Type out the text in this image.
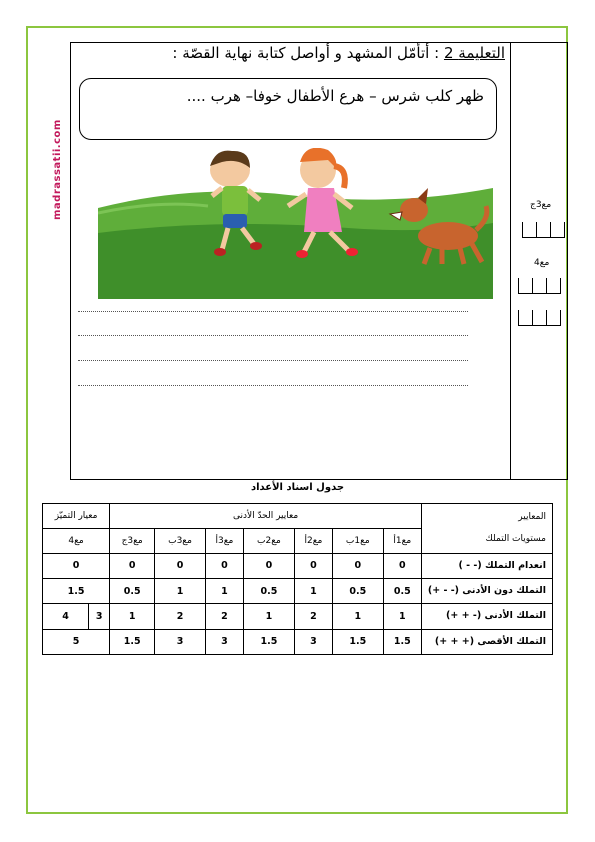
madrassatii.com
التعليمة 2 : أتأمّل المشهد و أواصل كتابة نهاية القصّة :
ظهر كلب شرس – هرع الأطفال خوفا– هرب ....
مع3ج
مع4
جدول اسناد الأعداد
المعايير
مستويات التملك	معايير الحدّ الأدنى							معيار التميّز	
	مع1أ	مع1ب	مع2أ	مع2ب	مع3أ	مع3ب	مع3ج	مع4	
انعدام التملك (- - )	0	0	0	0	0	0	0	0	
التملك دون الأدنى (- - +)	0.5	0.5	1	0.5	1	1	0.5	1.5	
التملك الأدنى (- + +)	1	1	2	1	2	2	1	3	4
التملك الأقصى (+ + +)	1.5	1.5	3	1.5	3	3	1.5	5	
